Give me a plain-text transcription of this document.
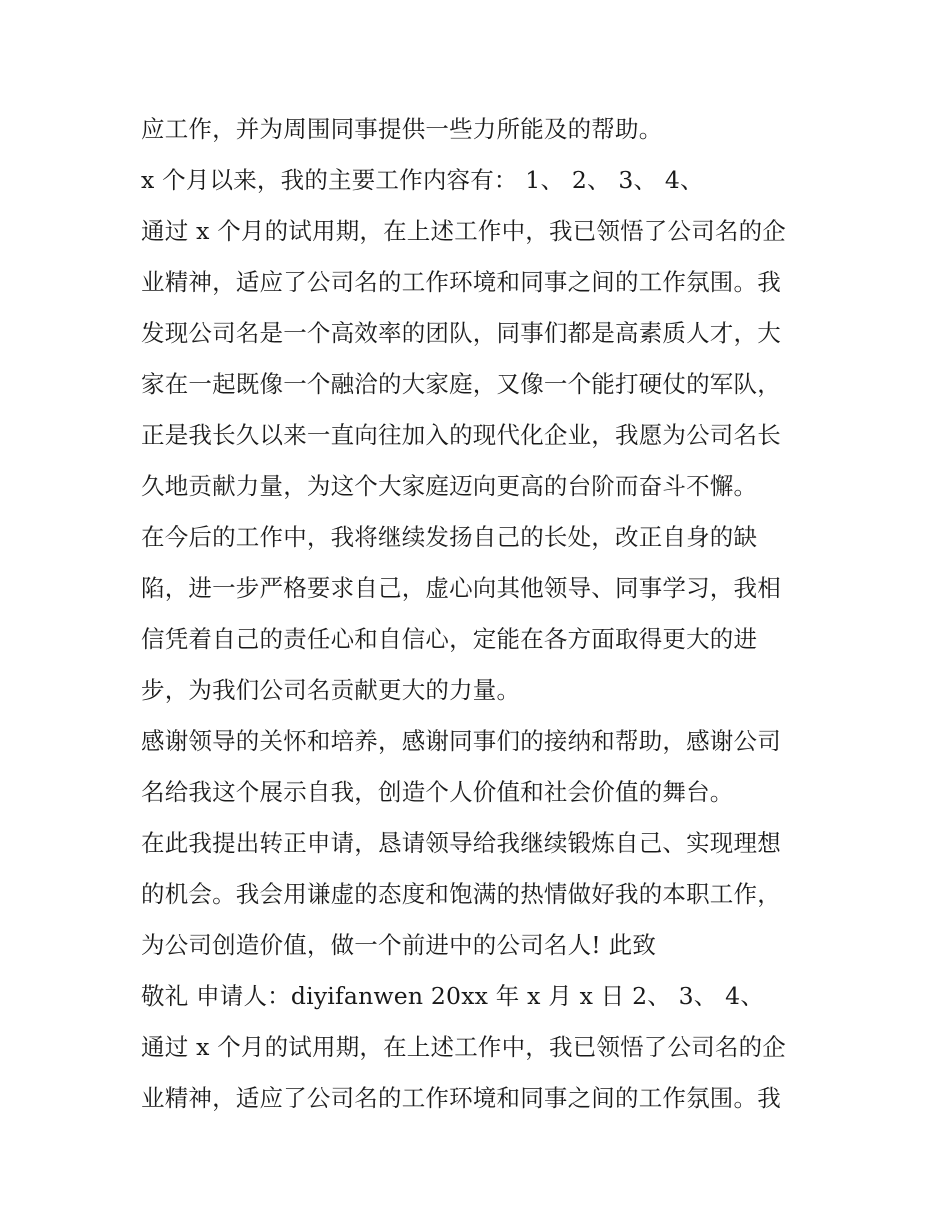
应工作，并为周围同事提供一些力所能及的帮助。
x 个月以来，我的主要工作内容有： 1、 2、 3、 4、
通过 x 个月的试用期，在上述工作中，我已领悟了公司名的企
业精神，适应了公司名的工作环境和同事之间的工作氛围。我
发现公司名是一个高效率的团队，同事们都是高素质人才，大
家在一起既像一个融洽的大家庭，又像一个能打硬仗的军队，
正是我长久以来一直向往加入的现代化企业，我愿为公司名长
久地贡献力量，为这个大家庭迈向更高的台阶而奋斗不懈。
在今后的工作中，我将继续发扬自己的长处，改正自身的缺
陷，进一步严格要求自己，虚心向其他领导、同事学习，我相
信凭着自己的责任心和自信心，定能在各方面取得更大的进
步，为我们公司名贡献更大的力量。
感谢领导的关怀和培养，感谢同事们的接纳和帮助，感谢公司
名给我这个展示自我，创造个人价值和社会价值的舞台。
在此我提出转正申请，恳请领导给我继续锻炼自己、实现理想
的机会。我会用谦虚的态度和饱满的热情做好我的本职工作，
为公司创造价值，做一个前进中的公司名人! 此致
敬礼 申请人：diyifanwen 20xx 年 x 月 x 日 2、 3、 4、
通过 x 个月的试用期，在上述工作中，我已领悟了公司名的企
业精神，适应了公司名的工作环境和同事之间的工作氛围。我
